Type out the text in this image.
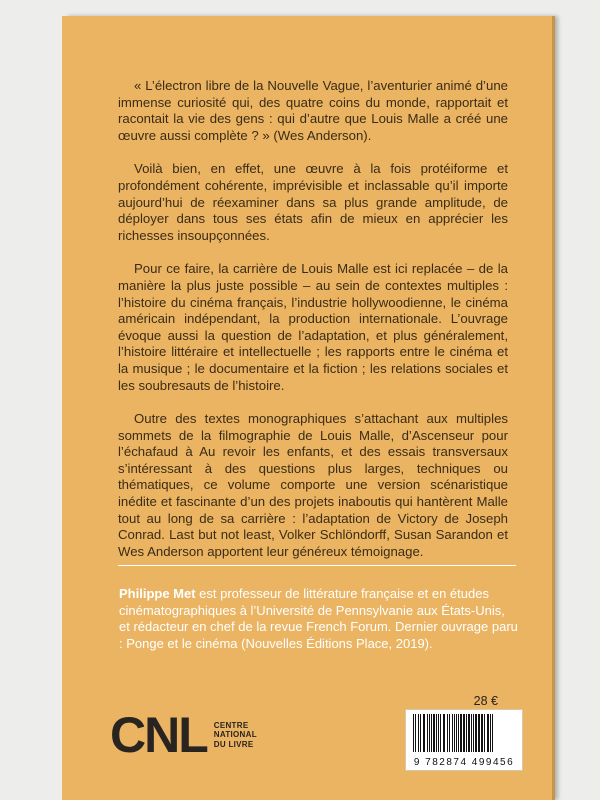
« L’électron libre de la Nouvelle Vague, l’aventurier animé d’une immense curiosité qui, des quatre coins du monde, rapportait et racontait la vie des gens : qui d’autre que Louis Malle a créé une œuvre aussi complète ? » (Wes Anderson).

Voilà bien, en effet, une œuvre à la fois protéiforme et profondément cohérente, imprévisible et inclassable qu’il importe aujourd’hui de réexaminer dans sa plus grande amplitude, de déployer dans tous ses états afin de mieux en apprécier les richesses insoupçonnées.

Pour ce faire, la carrière de Louis Malle est ici replacée – de la manière la plus juste possible – au sein de contextes multiples : l’histoire du cinéma français, l’industrie hollywoodienne, le cinéma américain indépendant, la production internationale. L’ouvrage évoque aussi la question de l’adaptation, et plus généralement, l’histoire littéraire et intellectuelle ; les rapports entre le cinéma et la musique ; le documentaire et la fiction ; les relations sociales et les soubresauts de l’histoire.

Outre des textes monographiques s’attachant aux multiples sommets de la filmographie de Louis Malle, d’Ascenseur pour l’échafaud à Au revoir les enfants, et des essais transversaux s’intéressant à des questions plus larges, techniques ou thématiques, ce volume comporte une version scénaristique inédite et fascinante d’un des projets inaboutis qui hantèrent Malle tout au long de sa carrière : l’adaptation de Victory de Joseph Conrad. Last but not least, Volker Schlöndorff, Susan Sarandon et Wes Anderson apportent leur généreux témoignage.

Philippe Met est professeur de littérature française et en études cinématographiques à l’Université de Pennsylvanie aux États-Unis, et rédacteur en chef de la revue French Forum. Dernier ouvrage paru : Ponge et le cinéma (Nouvelles Éditions Place, 2019).
CNL CENTRE
NATIONAL
DU LIVRE
28 €
9 782874 499456
